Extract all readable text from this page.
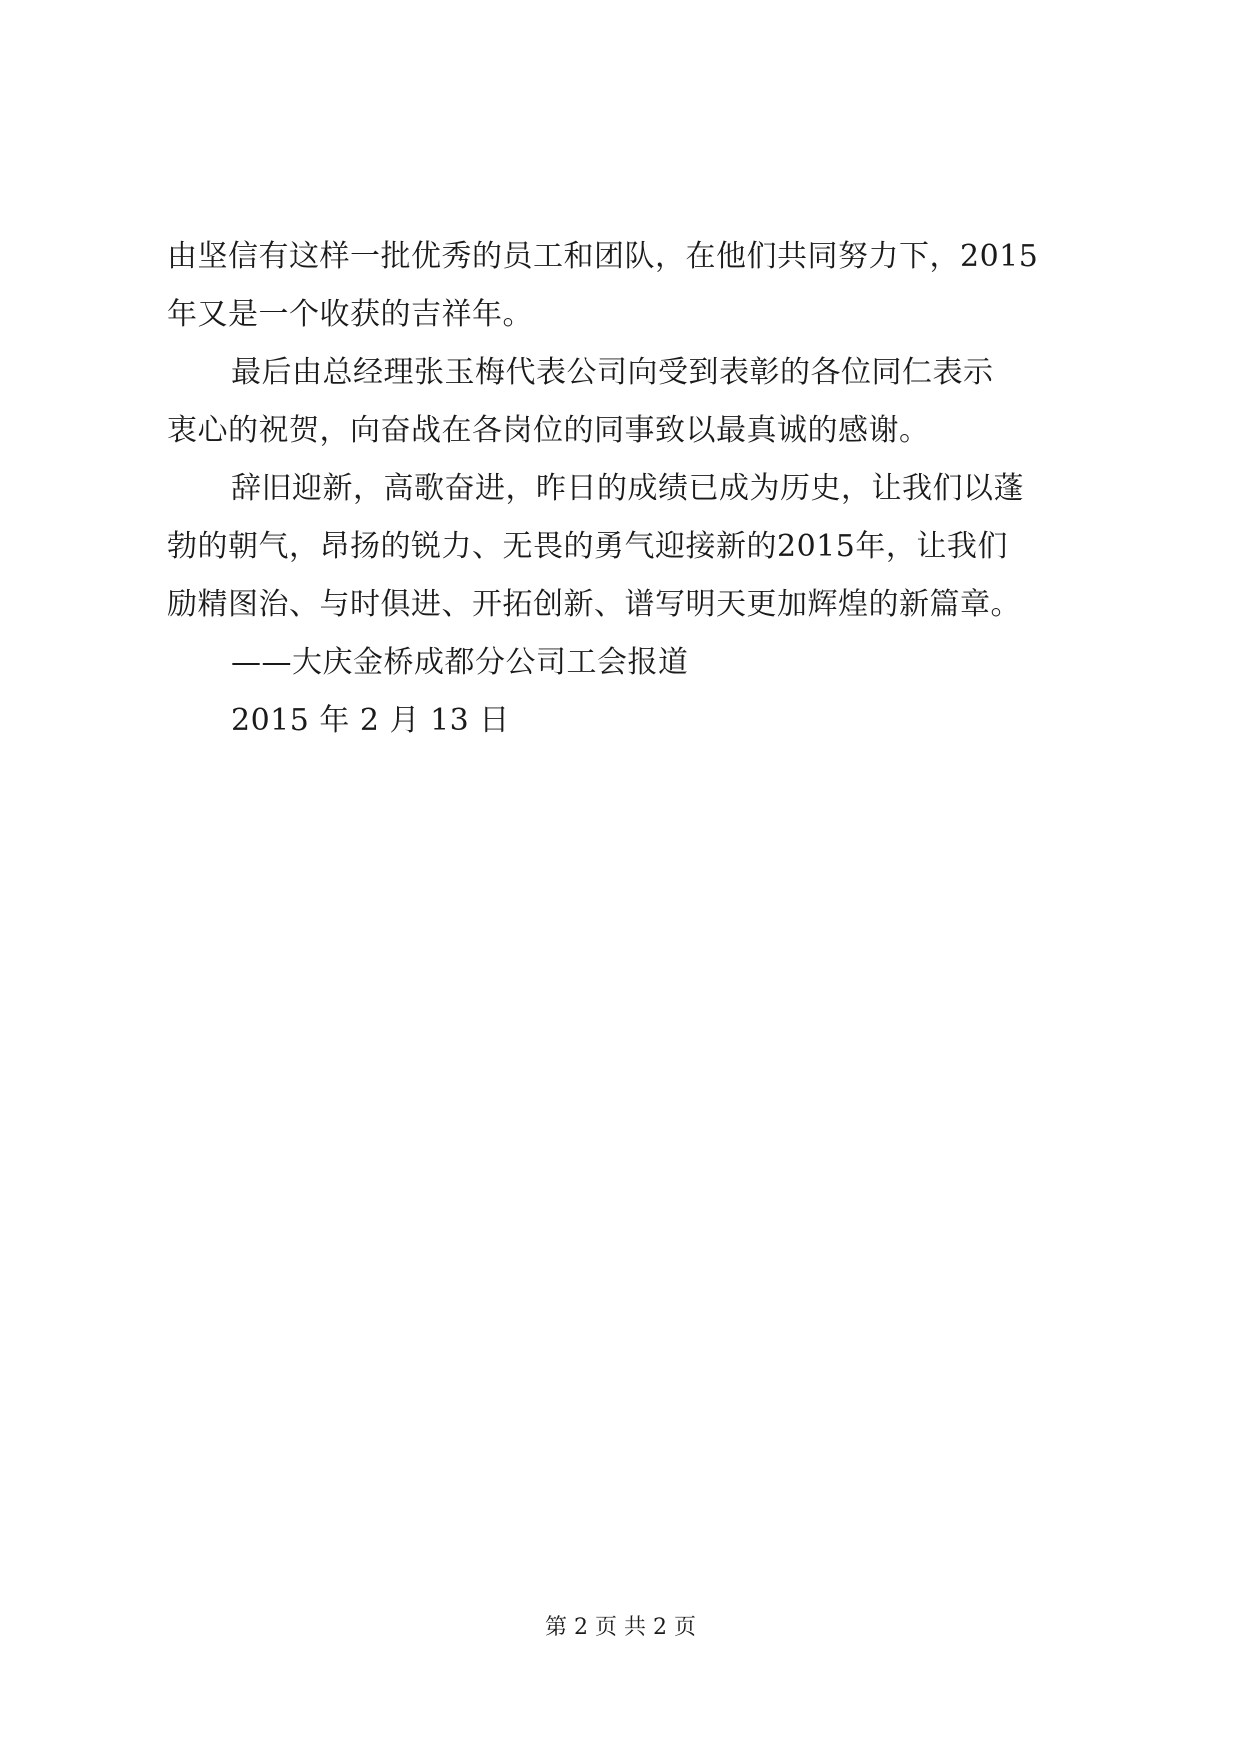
由坚信有这样一批优秀的员工和团队，在他们共同努力下，2015
年又是一个收获的吉祥年。

最后由总经理张玉梅代表公司向受到表彰的各位同仁表示
衷心的祝贺，向奋战在各岗位的同事致以最真诚的感谢。

辞旧迎新，高歌奋进，昨日的成绩已成为历史，让我们以蓬
勃的朝气，昂扬的锐力、无畏的勇气迎接新的2015年，让我们
励精图治、与时俱进、开拓创新、谱写明天更加辉煌的新篇章。

——大庆金桥成都分公司工会报道

2015 年 2 月 13 日

第 2 页 共 2 页
